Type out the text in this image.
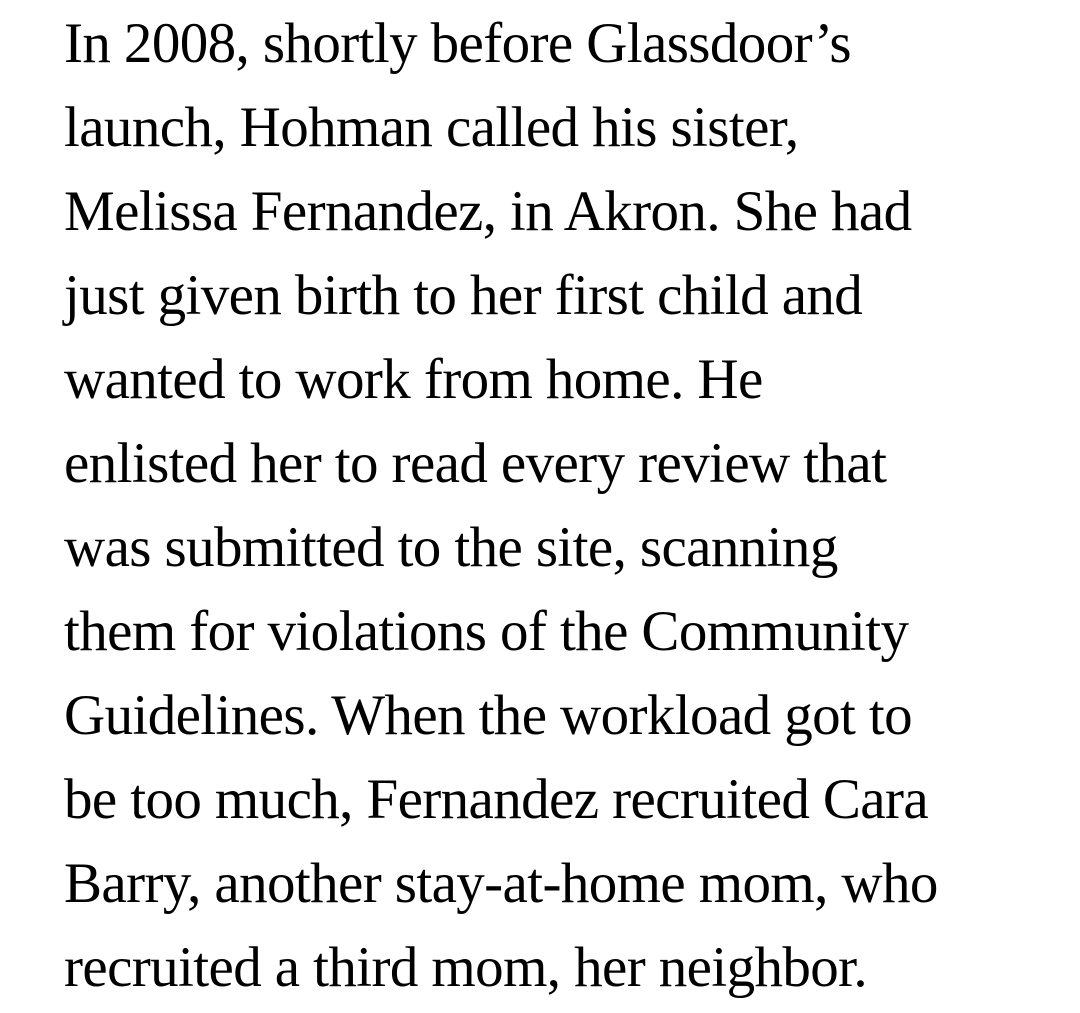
In 2008, shortly before Glassdoor’s
launch, Hohman called his sister,
Melissa Fernandez, in Akron. She had
just given birth to her first child and
wanted to work from home. He
enlisted her to read every review that
was submitted to the site, scanning
them for violations of the Community
Guidelines. When the workload got to
be too much, Fernandez recruited Cara
Barry, another stay-at-home mom, who
recruited a third mom, her neighbor.
